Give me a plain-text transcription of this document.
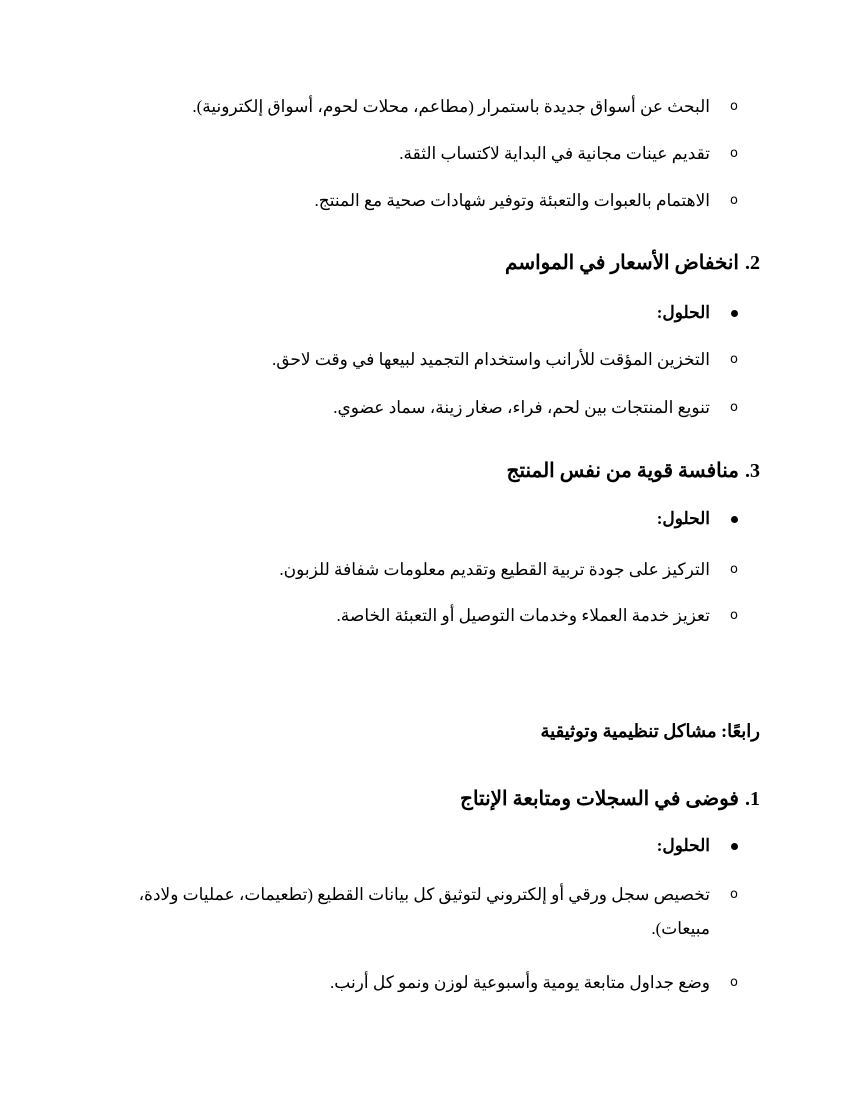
o
البحث عن أسواق جديدة باستمرار (مطاعم، محلات لحوم، أسواق إلكترونية).
o
تقديم عينات مجانية في البداية لاكتساب الثقة.
o
الاهتمام بالعبوات والتعبئة وتوفير شهادات صحية مع المنتج.
2.انخفاض الأسعار في المواسم
الحلول:
o
التخزين المؤقت للأرانب واستخدام التجميد لبيعها في وقت لاحق.
o
تنويع المنتجات بين لحم، فراء، صغار زينة، سماد عضوي.
3.منافسة قوية من نفس المنتج
الحلول:
o
التركيز على جودة تربية القطيع وتقديم معلومات شفافة للزبون.
o
تعزيز خدمة العملاء وخدمات التوصيل أو التعبئة الخاصة.
رابعًا: مشاكل تنظيمية وتوثيقية
1.فوضى في السجلات ومتابعة الإنتاج
الحلول:
o
تخصيص سجل ورقي أو إلكتروني لتوثيق كل بيانات القطيع (تطعيمات، عمليات ولادة، مبيعات).
o
وضع جداول متابعة يومية وأسبوعية لوزن ونمو كل أرنب.
